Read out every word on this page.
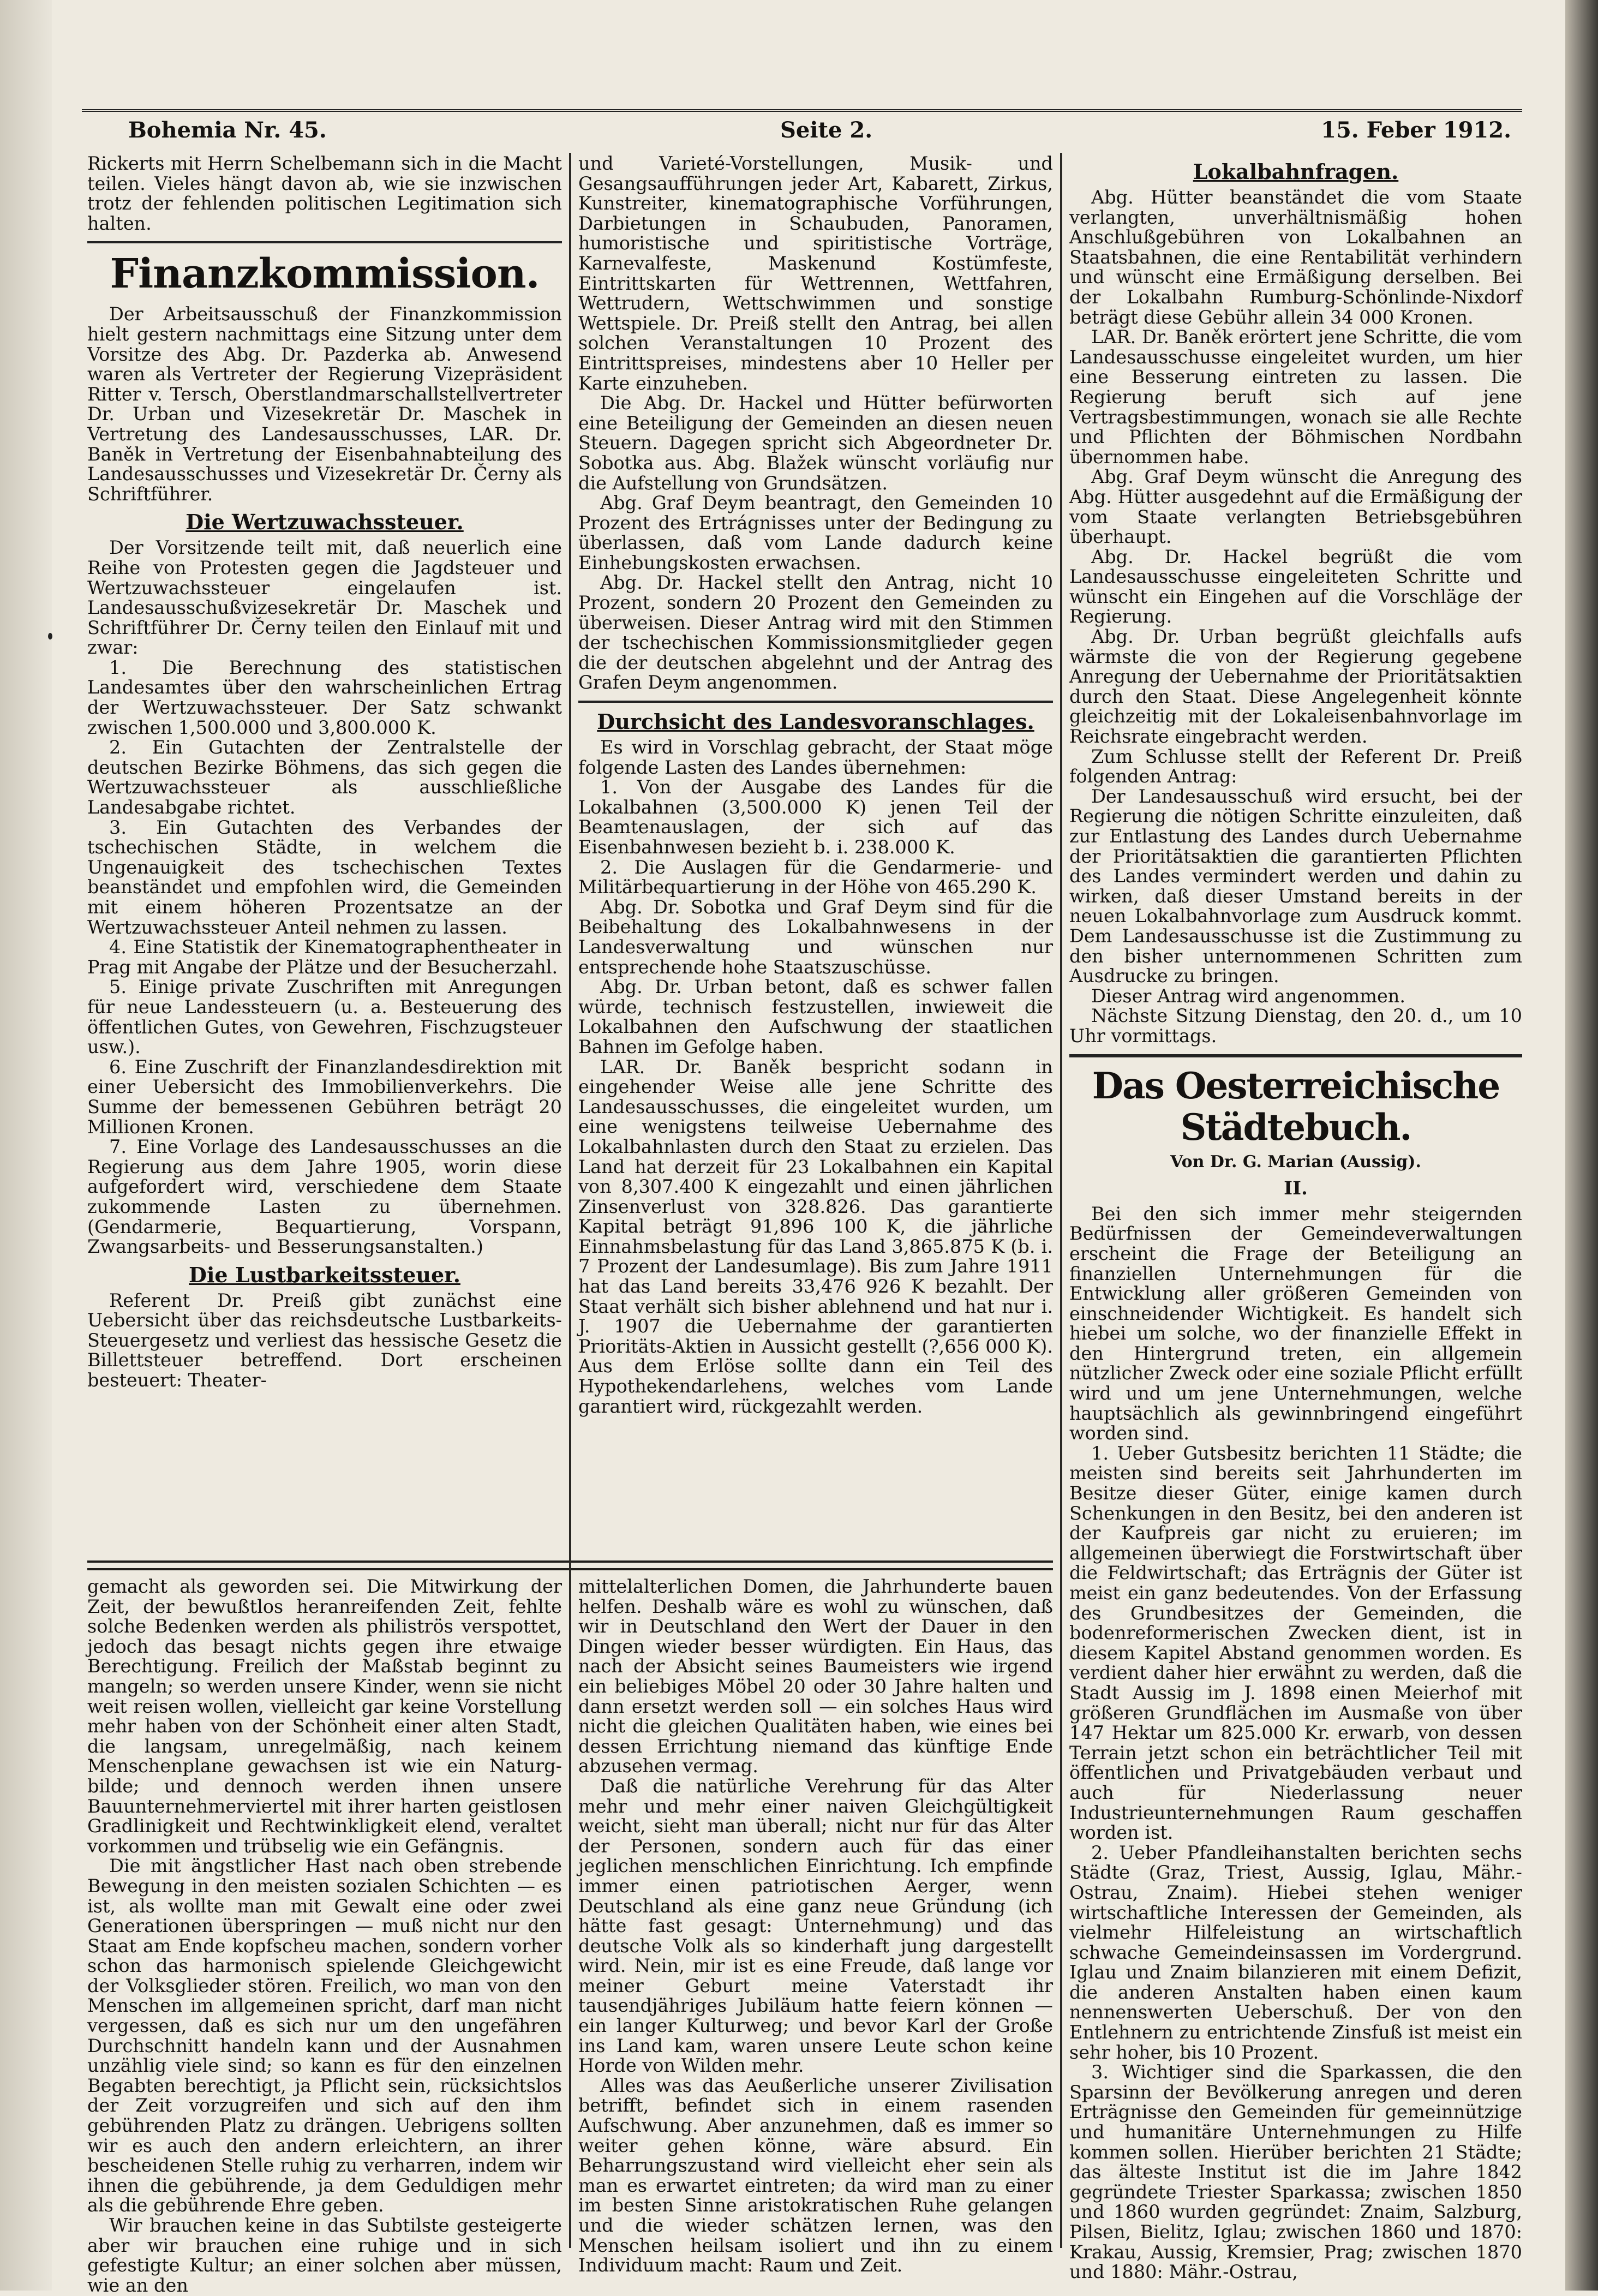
Bohemia Nr. 45.	Seite 2.	15. Feber 1912.

Rickerts mit Herrn Schelbemann sich in die Macht teilen. Vieles hängt davon ab, wie sie inzwischen trotz der fehlenden politischen Legitimation sich halten.

Finanzkommission.

Der Arbeitsausschuß der Finanzkommission hielt gestern nachmittags eine Sitzung unter dem Vorsitze des Abg. Dr. Pazderka ab. Anwesend waren als Vertreter der Regierung Vizepräsident Ritter v. Tersch, Oberstlandmarschallstellvertreter Dr. Urban und Vizesekretär Dr. Maschek in Vertretung des Landesausschusses, LAR. Dr. Baněk in Vertretung der Eisenbahnabteilung des Landesausschusses und Vizesekretär Dr. Černy als Schriftführer.

Die Wertzuwachssteuer.

Der Vorsitzende teilt mit, daß neuerlich eine Reihe von Protesten gegen die Jagdsteuer und Wertzuwachssteuer eingelaufen ist. Landesausschußvizesekretär Dr. Maschek und Schriftführer Dr. Černy teilen den Einlauf mit und zwar:

1. Die Berechnung des statistischen Landesamtes über den wahrscheinlichen Ertrag der Wertzuwachssteuer. Der Satz schwankt zwischen 1,500.000 und 3,800.000 K.

2. Ein Gutachten der Zentralstelle der deutschen Bezirke Böhmens, das sich gegen die Wertzuwachssteuer als ausschließliche Landesabgabe richtet.

3. Ein Gutachten des Verbandes der tschechischen Städte, in welchem die Ungenauigkeit des tschechischen Textes beanständet und empfohlen wird, die Gemeinden mit einem höheren Prozentsatze an der Wertzuwachssteuer Anteil nehmen zu lassen.

4. Eine Statistik der Kinematographentheater in Prag mit Angabe der Plätze und der Besucherzahl.

5. Einige private Zuschriften mit Anregungen für neue Landessteuern (u. a. Besteuerung des öffentlichen Gutes, von Gewehren, Fischzugsteuer usw.).

6. Eine Zuschrift der Finanzlandesdirektion mit einer Uebersicht des Immobilienverkehrs. Die Summe der bemessenen Gebühren beträgt 20 Millionen Kronen.

7. Eine Vorlage des Landesausschusses an die Regierung aus dem Jahre 1905, worin diese aufgefordert wird, verschiedene dem Staate zukommende Lasten zu übernehmen. (Gendarmerie, Bequartierung, Vorspann, Zwangsarbeits- und Besserungsanstalten.)

Die Lustbarkeitssteuer.

Referent Dr. Preiß gibt zunächst eine Uebersicht über das reichsdeutsche Lustbarkeits-Steuergesetz und verliest das hessische Gesetz die Billettsteuer betreffend. Dort erscheinen besteuert: Theater-

und Varieté-Vorstellungen, Musik- und Gesangsaufführungen jeder Art, Kabarett, Zirkus, Kunstreiter, kinematographische Vorführungen, Darbietungen in Schaubuden, Panoramen, humoristische und spiritistische Vorträge, Karnevalfeste, Maskenund Kostümfeste, Eintrittskarten für Wettrennen, Wettfahren, Wettrudern, Wettschwimmen und sonstige Wettspiele. Dr. Preiß stellt den Antrag, bei allen solchen Veranstaltungen 10 Prozent des Eintrittspreises, mindestens aber 10 Heller per Karte einzuheben.

Die Abg. Dr. Hackel und Hütter befürworten eine Beteiligung der Gemeinden an diesen neuen Steuern. Dagegen spricht sich Abgeordneter Dr. Sobotka aus. Abg. Blažek wünscht vorläufig nur die Aufstellung von Grundsätzen.

Abg. Graf Deym beantragt, den Gemeinden 10 Prozent des Ertrágnisses unter der Bedingung zu überlassen, daß vom Lande dadurch keine Einhebungskosten erwachsen.

Abg. Dr. Hackel stellt den Antrag, nicht 10 Prozent, sondern 20 Prozent den Gemeinden zu überweisen. Dieser Antrag wird mit den Stimmen der tschechischen Kommissionsmitglieder gegen die der deutschen abgelehnt und der Antrag des Grafen Deym angenommen.

Durchsicht des Landesvoranschlages.

Es wird in Vorschlag gebracht, der Staat möge folgende Lasten des Landes übernehmen:

1. Von der Ausgabe des Landes für die Lokalbahnen (3,500.000 K) jenen Teil der Beamtenauslagen, der sich auf das Eisenbahnwesen bezieht b. i. 238.000 K.

2. Die Auslagen für die Gendarmerie- und Militärbequartierung in der Höhe von 465.290 K.

Abg. Dr. Sobotka und Graf Deym sind für die Beibehaltung des Lokalbahnwesens in der Landesverwaltung und wünschen nur entsprechende hohe Staatszuschüsse.

Abg. Dr. Urban betont, daß es schwer fallen würde, technisch festzustellen, inwieweit die Lokalbahnen den Aufschwung der staatlichen Bahnen im Gefolge haben.

LAR. Dr. Baněk bespricht sodann in eingehender Weise alle jene Schritte des Landesausschusses, die eingeleitet wurden, um eine wenigstens teilweise Uebernahme des Lokalbahnlasten durch den Staat zu erzielen. Das Land hat derzeit für 23 Lokalbahnen ein Kapital von 8,307.400 K eingezahlt und einen jährlichen Zinsenverlust von 328.826. Das garantierte Kapital beträgt 91,896 100 K, die jährliche Einnahmsbelastung für das Land 3,865.875 K (b. i. 7 Prozent der Landesumlage). Bis zum Jahre 1911 hat das Land bereits 33,476 926 K bezahlt. Der Staat verhält sich bisher ablehnend und hat nur i. J. 1907 die Uebernahme der garantierten Prioritäts-Aktien in Aussicht gestellt (?,656 000 K). Aus dem Erlöse sollte dann ein Teil des Hypothekendarlehens, welches vom Lande garantiert wird, rückgezahlt werden.

Lokalbahnfragen.

Abg. Hütter beanständet die vom Staate verlangten, unverhältnismäßig hohen Anschlußgebühren von Lokalbahnen an Staatsbahnen, die eine Rentabilität verhindern und wünscht eine Ermäßigung derselben. Bei der Lokalbahn Rumburg-Schönlinde-Nixdorf beträgt diese Gebühr allein 34 000 Kronen.

LAR. Dr. Baněk erörtert jene Schritte, die vom Landesausschusse eingeleitet wurden, um hier eine Besserung eintreten zu lassen. Die Regierung beruft sich auf jene Vertragsbestimmungen, wonach sie alle Rechte und Pflichten der Böhmischen Nordbahn übernommen habe.

Abg. Graf Deym wünscht die Anregung des Abg. Hütter ausgedehnt auf die Ermäßigung der vom Staate verlangten Betriebsgebühren überhaupt.

Abg. Dr. Hackel begrüßt die vom Landesausschusse eingeleiteten Schritte und wünscht ein Eingehen auf die Vorschläge der Regierung.

Abg. Dr. Urban begrüßt gleichfalls aufs wärmste die von der Regierung gegebene Anregung der Uebernahme der Prioritätsaktien durch den Staat. Diese Angelegenheit könnte gleichzeitig mit der Lokaleisenbahnvorlage im Reichsrate eingebracht werden.

Zum Schlusse stellt der Referent Dr. Preiß folgenden Antrag:

Der Landesausschuß wird ersucht, bei der Regierung die nötigen Schritte einzuleiten, daß zur Entlastung des Landes durch Uebernahme der Prioritätsaktien die garantierten Pflichten des Landes vermindert werden und dahin zu wirken, daß dieser Umstand bereits in der neuen Lokalbahnvorlage zum Ausdruck kommt. Dem Landesausschusse ist die Zustimmung zu den bisher unternommenen Schritten zum Ausdrucke zu bringen.

Dieser Antrag wird angenommen.

Nächste Sitzung Dienstag, den 20. d., um 10 Uhr vormittags.

Das Oesterreichische Städtebuch.
Von Dr. G. Marian (Aussig).
II.

Bei den sich immer mehr steigernden Bedürfnissen der Gemeindeverwaltungen erscheint die Frage der Beteiligung an finanziellen Unternehmungen für die Entwicklung aller größeren Gemeinden von einschneidender Wichtigkeit. Es handelt sich hiebei um solche, wo der finanzielle Effekt in den Hintergrund treten, ein allgemein nützlicher Zweck oder eine soziale Pflicht erfüllt wird und um jene Unternehmungen, welche hauptsächlich als gewinnbringend eingeführt worden sind.

1. Ueber Gutsbesitz berichten 11 Städte; die meisten sind bereits seit Jahrhunderten im Besitze dieser Güter, einige kamen durch Schenkungen in den Besitz, bei den anderen ist der Kaufpreis gar nicht zu eruieren; im allgemeinen überwiegt die Forstwirtschaft über die Feldwirtschaft; das Erträgnis der Güter ist meist ein ganz bedeutendes. Von der Erfassung des Grundbesitzes der Gemeinden, die bodenreformerischen Zwecken dient, ist in diesem Kapitel Abstand genommen worden. Es verdient daher hier erwähnt zu werden, daß die Stadt Aussig im J. 1898 einen Meierhof mit größeren Grundflächen im Ausmaße von über 147 Hektar um 825.000 Kr. erwarb, von dessen Terrain jetzt schon ein beträchtlicher Teil mit öffentlichen und Privatgebäuden verbaut und auch für Niederlassung neuer Industrieunternehmungen Raum geschaffen worden ist.

2. Ueber Pfandleihanstalten berichten sechs Städte (Graz, Triest, Aussig, Iglau, Mähr.-Ostrau, Znaim). Hiebei stehen weniger wirtschaftliche Interessen der Gemeinden, als vielmehr Hilfeleistung an wirtschaftlich schwache Gemeindeinsassen im Vordergrund. Iglau und Znaim bilanzieren mit einem Defizit, die anderen Anstalten haben einen kaum nennenswerten Ueberschuß. Der von den Entlehnern zu entrichtende Zinsfuß ist meist ein sehr hoher, bis 10 Prozent.

3. Wichtiger sind die Sparkassen, die den Sparsinn der Bevölkerung anregen und deren Erträgnisse den Gemeinden für gemeinnützige und humanitäre Unternehmungen zu Hilfe kommen sollen. Hierüber berichten 21 Städte; das älteste Institut ist die im Jahre 1842 gegründete Triester Sparkassa; zwischen 1850 und 1860 wurden gegründet: Znaim, Salzburg, Pilsen, Bielitz, Iglau; zwischen 1860 und 1870: Krakau, Aussig, Kremsier, Prag; zwischen 1870 und 1880: Mähr.-Ostrau,

gemacht als geworden sei. Die Mitwirkung der Zeit, der bewußtlos heranreifenden Zeit, fehlte solche Bedenken werden als philiströs verspottet, jedoch das besagt nichts gegen ihre etwaige Berechtigung. Freilich der Maßstab beginnt zu mangeln; so werden unsere Kinder, wenn sie nicht weit reisen wollen, vielleicht gar keine Vorstellung mehr haben von der Schönheit einer alten Stadt, die langsam, unregelmäßig, nach keinem Menschenplane gewachsen ist wie ein Naturg-bilde; und dennoch werden ihnen unsere Bauunternehmerviertel mit ihrer harten geistlosen Gradlinigkeit und Rechtwinkligkeit elend, veraltet vorkommen und trübselig wie ein Gefängnis.

Die mit ängstlicher Hast nach oben strebende Bewegung in den meisten sozialen Schichten — es ist, als wollte man mit Gewalt eine oder zwei Generationen überspringen — muß nicht nur den Staat am Ende kopfscheu machen, sondern vorher schon das harmonisch spielende Gleichgewicht der Volksglieder stören. Freilich, wo man von den Menschen im allgemeinen spricht, darf man nicht vergessen, daß es sich nur um den ungefähren Durchschnitt handeln kann und der Ausnahmen unzählig viele sind; so kann es für den einzelnen Begabten berechtigt, ja Pflicht sein, rücksichtslos der Zeit vorzugreifen und sich auf den ihm gebührenden Platz zu drängen. Uebrigens sollten wir es auch den andern erleichtern, an ihrer bescheidenen Stelle ruhig zu verharren, indem wir ihnen die gebührende, ja dem Geduldigen mehr als die gebührende Ehre geben.

Wir brauchen keine in das Subtilste gesteigerte aber wir brauchen eine ruhige und in sich gefestigte Kultur; an einer solchen aber müssen, wie an den

mittelalterlichen Domen, die Jahrhunderte bauen helfen. Deshalb wäre es wohl zu wünschen, daß wir in Deutschland den Wert der Dauer in den Dingen wieder besser würdigten. Ein Haus, das nach der Absicht seines Baumeisters wie irgend ein beliebiges Möbel 20 oder 30 Jahre halten und dann ersetzt werden soll — ein solches Haus wird nicht die gleichen Qualitäten haben, wie eines bei dessen Errichtung niemand das künftige Ende abzusehen vermag.

Daß die natürliche Verehrung für das Alter mehr und mehr einer naiven Gleichgültigkeit weicht, sieht man überall; nicht nur für das Alter der Personen, sondern auch für das einer jeglichen menschlichen Einrichtung. Ich empfinde immer einen patriotischen Aerger, wenn Deutschland als eine ganz neue Gründung (ich hätte fast gesagt: Unternehmung) und das deutsche Volk als so kinderhaft jung dargestellt wird. Nein, mir ist es eine Freude, daß lange vor meiner Geburt meine Vaterstadt ihr tausendjähriges Jubiläum hatte feiern können — ein langer Kulturweg; und bevor Karl der Große ins Land kam, waren unsere Leute schon keine Horde von Wilden mehr.

Alles was das Aeußerliche unserer Zivilisation betrifft, befindet sich in einem rasenden Aufschwung. Aber anzunehmen, daß es immer so weiter gehen könne, wäre absurd. Ein Beharrungszustand wird vielleicht eher sein als man es erwartet eintreten; da wird man zu einer im besten Sinne aristokratischen Ruhe gelangen und die wieder schätzen lernen, was den Menschen heilsam isoliert und ihn zu einem Individuum macht: Raum und Zeit.
